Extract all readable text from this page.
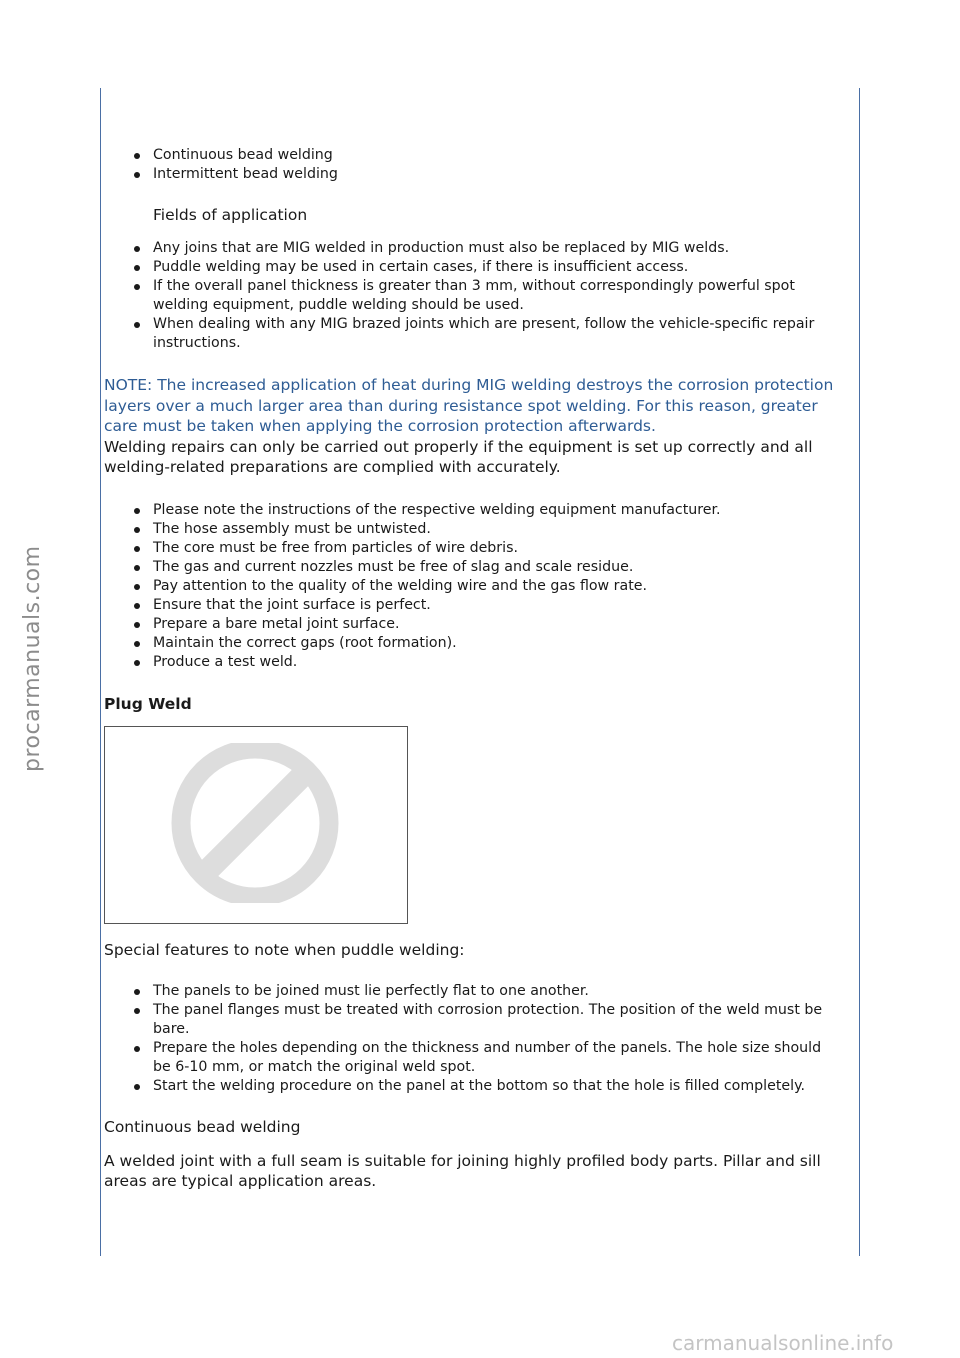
procarmanuals.com
carmanualsonline.info
Continuous bead welding
Intermittent bead welding
Fields of application
Any joins that are MIG welded in production must also be replaced by MIG welds.
Puddle welding may be used in certain cases, if there is insufficient access.
If the overall panel thickness is greater than 3 mm, without correspondingly powerful spot welding equipment, puddle welding should be used.
When dealing with any MIG brazed joints which are present, follow the vehicle-specific repair instructions.

NOTE: The increased application of heat during MIG welding destroys the corrosion protection layers over a much larger area than during resistance spot welding. For this reason, greater care must be taken when applying the corrosion protection afterwards.

Welding repairs can only be carried out properly if the equipment is set up correctly and all welding-related preparations are complied with accurately.

Please note the instructions of the respective welding equipment manufacturer.
The hose assembly must be untwisted.
The core must be free from particles of wire debris.
The gas and current nozzles must be free of slag and scale residue.
Pay attention to the quality of the welding wire and the gas flow rate.
Ensure that the joint surface is perfect.
Prepare a bare metal joint surface.
Maintain the correct gaps (root formation).
Produce a test weld.
Plug Weld

Special features to note when puddle welding:

The panels to be joined must lie perfectly flat to one another.
The panel flanges must be treated with corrosion protection. The position of the weld must be bare.
Prepare the holes depending on the thickness and number of the panels. The hole size should be 6-10 mm, or match the original weld spot.
Start the welding procedure on the panel at the bottom so that the hole is filled completely.

Continuous bead welding

A welded joint with a full seam is suitable for joining highly profiled body parts. Pillar and sill areas are typical application areas.
